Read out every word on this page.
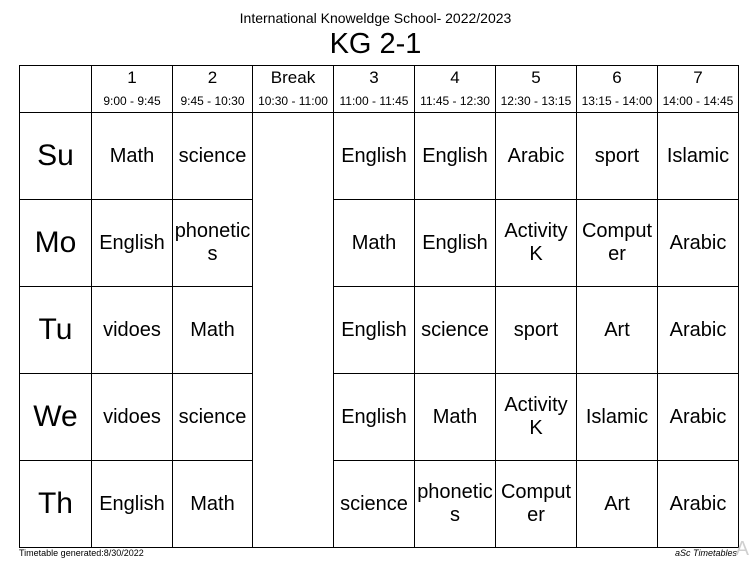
International Knoweldge School- 2022/2023
KG 2-1
	1	2	Break	3	4	5	6	7
	9:00 - 9:45	9:45 - 10:30	10:30 - 11:00	11:00 - 11:45	11:45 - 12:30	12:30 - 13:15	13:15 - 14:00	14:00 - 14:45
Su	Math	science		English	English	Arabic	sport	Islamic
Mo	English	phonetics		Math	English	Activity K	Computer	Arabic
Tu	vidoes	Math		English	science	sport	Art	Arabic
We	vidoes	science		English	Math	Activity K	Islamic	Arabic
Th	English	Math		science	phonetics	Computer	Art	Arabic
Timetable generated:8/30/2022	aSc Timetables
A
